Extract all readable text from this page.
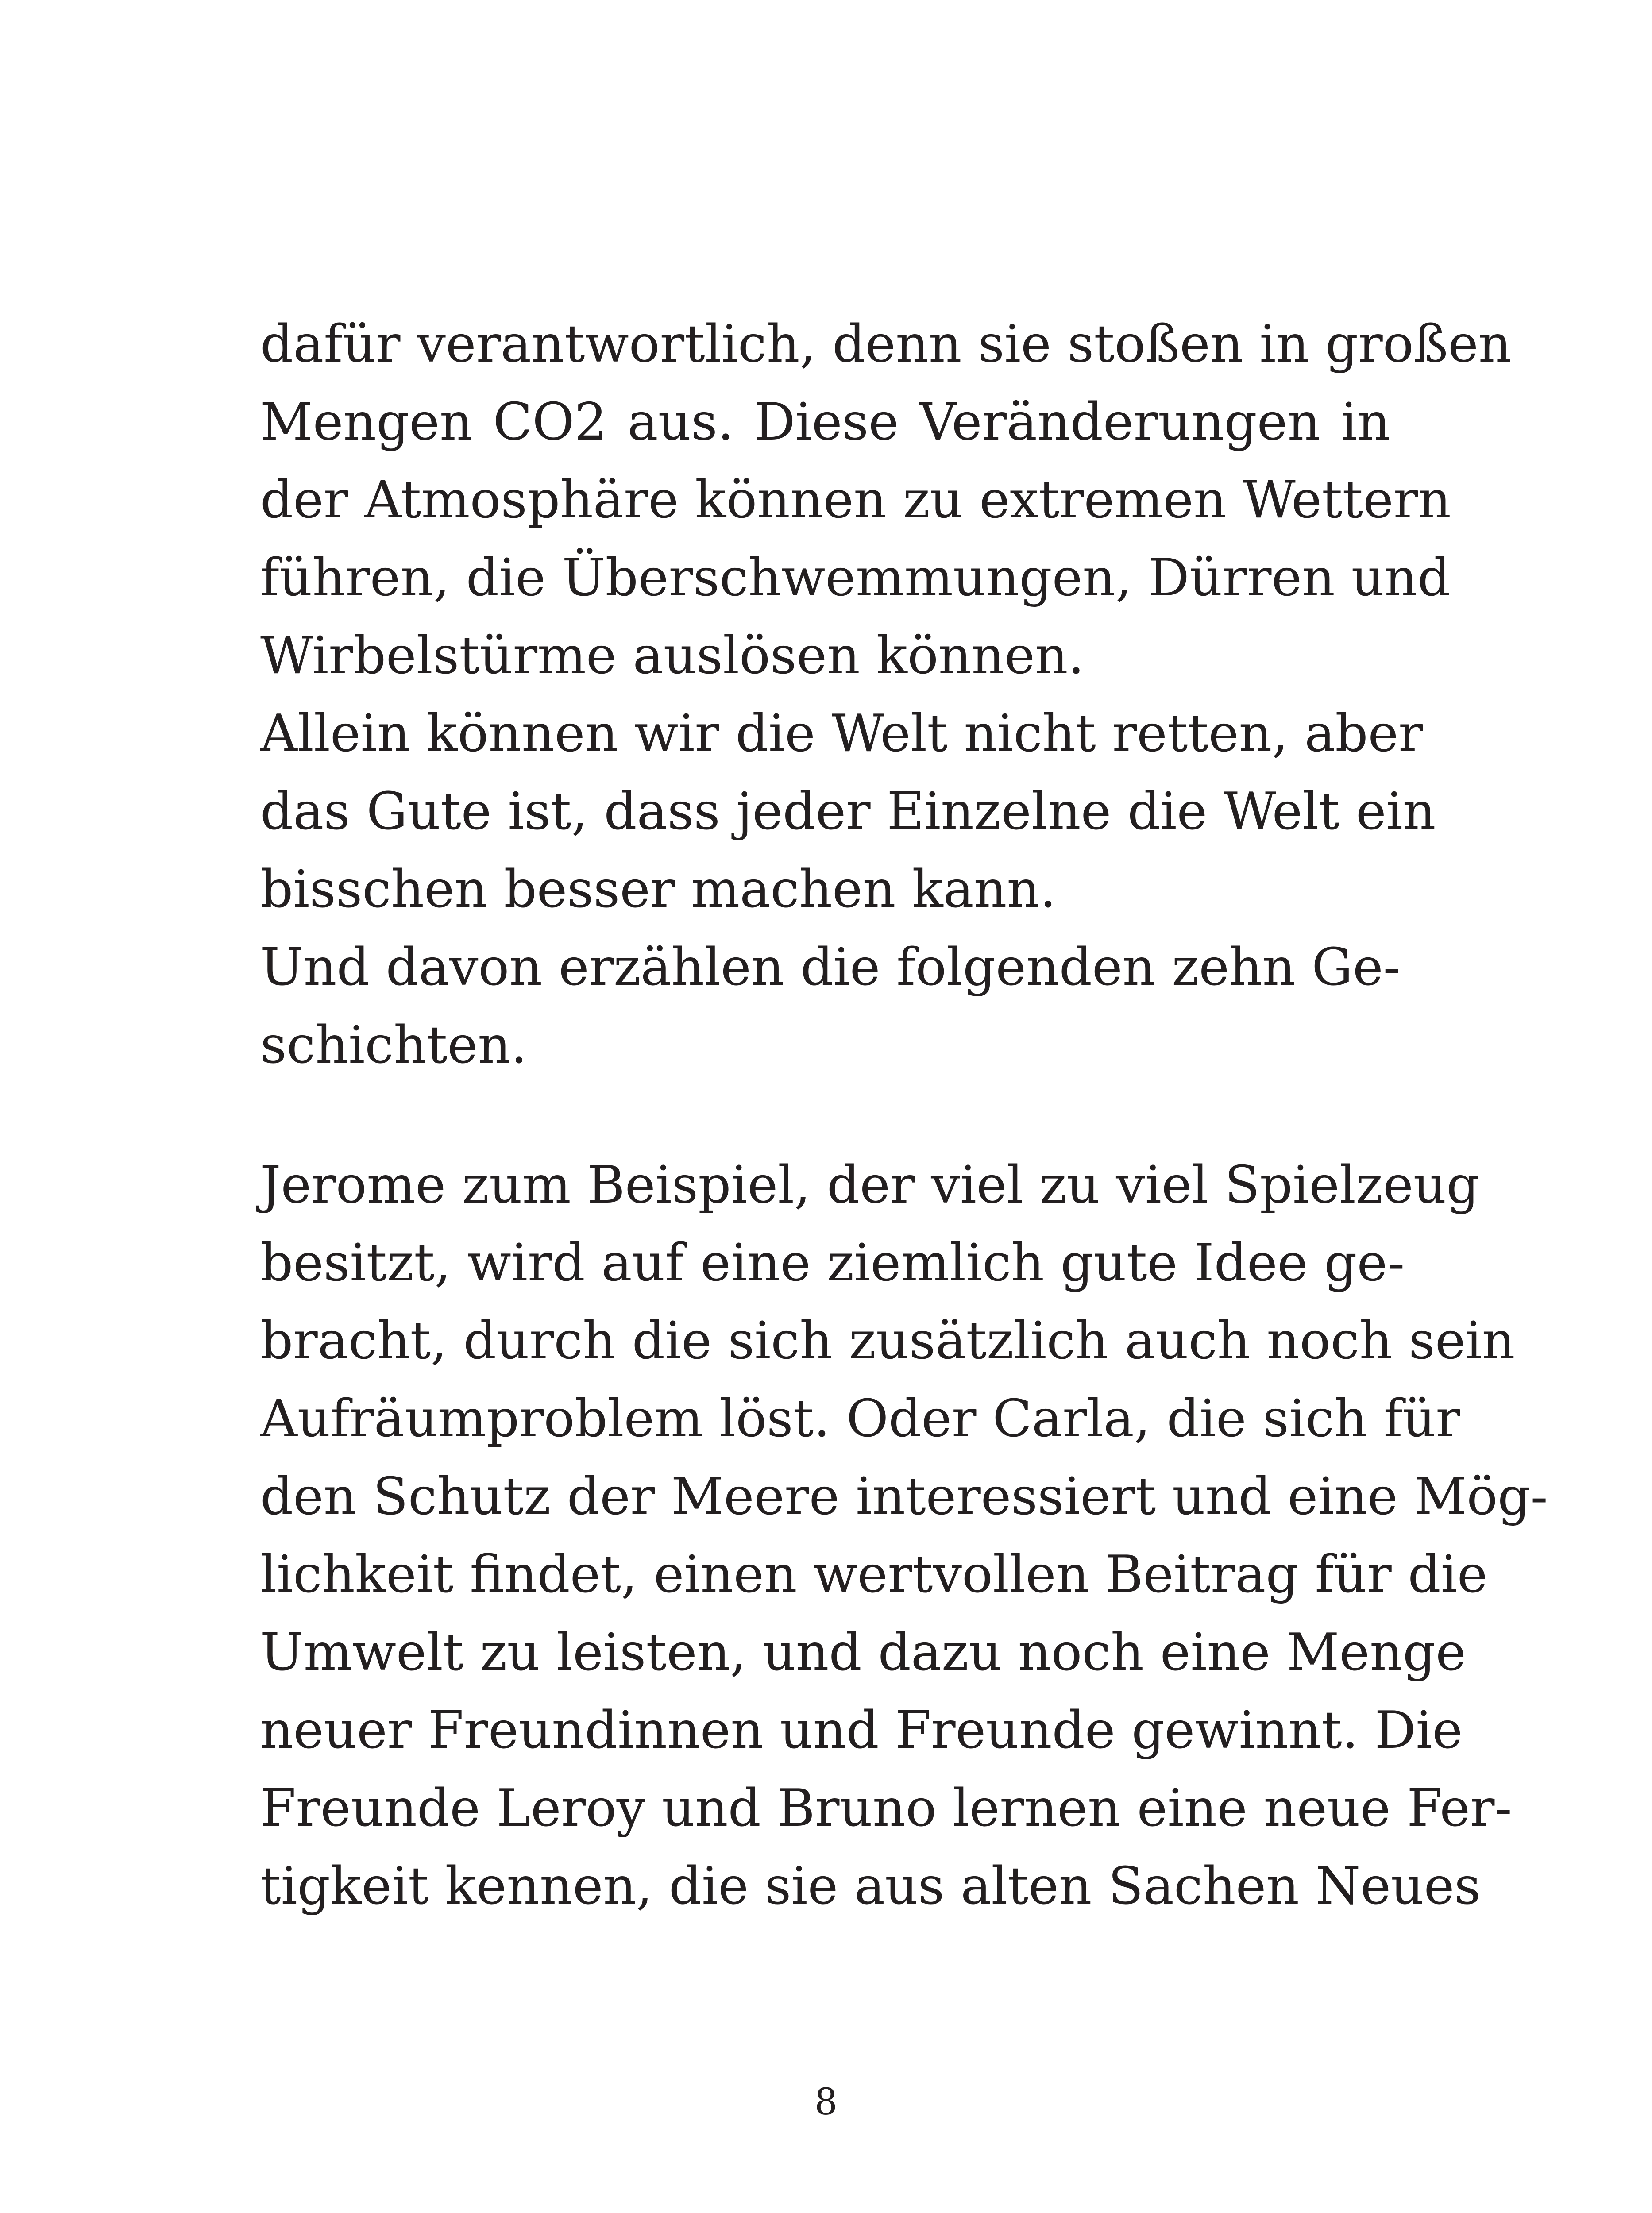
dafür verantwortlich, denn sie stoßen in großen
Mengen CO2 aus. Diese Veränderungen in
der Atmosphäre können zu extremen Wettern
führen, die Überschwemmungen, Dürren und
Wirbelstürme auslösen können.
Allein können wir die Welt nicht retten, aber
das Gute ist, dass jeder Einzelne die Welt ein
bisschen besser machen kann.
Und davon erzählen die folgenden zehn Ge-
schichten.
Jerome zum Beispiel, der viel zu viel Spielzeug
besitzt, wird auf eine ziemlich gute Idee ge-
bracht, durch die sich zusätzlich auch noch sein
Aufräumproblem löst. Oder Carla, die sich für
den Schutz der Meere interessiert und eine Mög-
lichkeit findet, einen wertvollen Beitrag für die
Umwelt zu leisten, und dazu noch eine Menge
neuer Freundinnen und Freunde gewinnt. Die
Freunde Leroy und Bruno lernen eine neue Fer-
tigkeit kennen, die sie aus alten Sachen Neues
8
